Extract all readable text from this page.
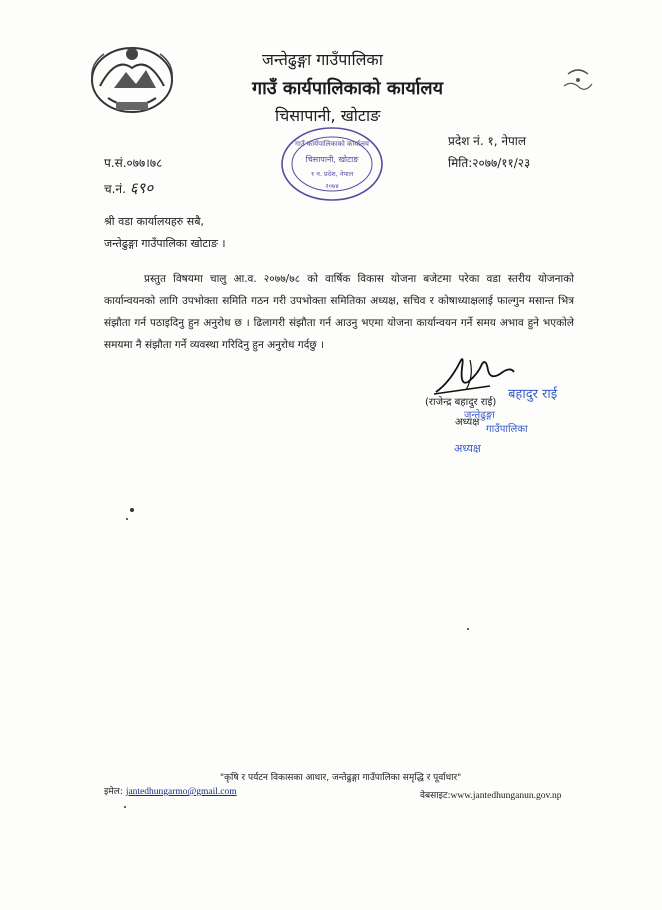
जन्तेढुङ्गा गाउँपालिका
गाउँ कार्यपालिकाको कार्यालय
चिसापानी, खोटाङ
प्रदेश नं. १, नेपाल
गाउँ कार्यपालिकाको कार्यालय
चिसापानी, खोटाङ
१ न. प्रदेश, नेपाल
२०७४
प.सं.०७७।७८	मिति:२०७७/११/२३
च.नं. ६९०
श्री वडा कार्यालयहरु सबै,
जन्तेढुङ्गा गाउँपालिका खोटाङ ।
प्रस्तुत विषयमा चालु आ.व. २०७७/७८ को वार्षिक विकास योजना बजेटमा परेका वडा स्तरीय योजनाको कार्यान्वयनको लागि उपभोक्ता समिति गठन गरी उपभोक्ता समितिका अध्यक्ष, सचिव र कोषाध्याक्षलाई फाल्गुन मसान्त भित्र संझौता गर्न पठाइदिनु हुन अनुरोध छ । ढिलागरी संझौता गर्न आउनु भएमा योजना कार्यान्वयन गर्ने समय अभाव हुने भएकोले समयमा नै संझौता गर्ने व्यवस्था गरिदिनु हुन अनुरोध गर्दछु ।
बहादुर राई
जन्तेढुङ्गा
गाउँपालिका
अध्यक्ष
(राजेन्द्र बहादुर राई)
अध्यक्ष
"कृषि र पर्यटन विकासका आधार, जन्तेढुङ्गा गाउँपालिका समृद्धि र पूर्वाधार"
इमेल: jantedhungarmo@gmail.com	वेबसाइट:www.jantedhunganun.gov.np
